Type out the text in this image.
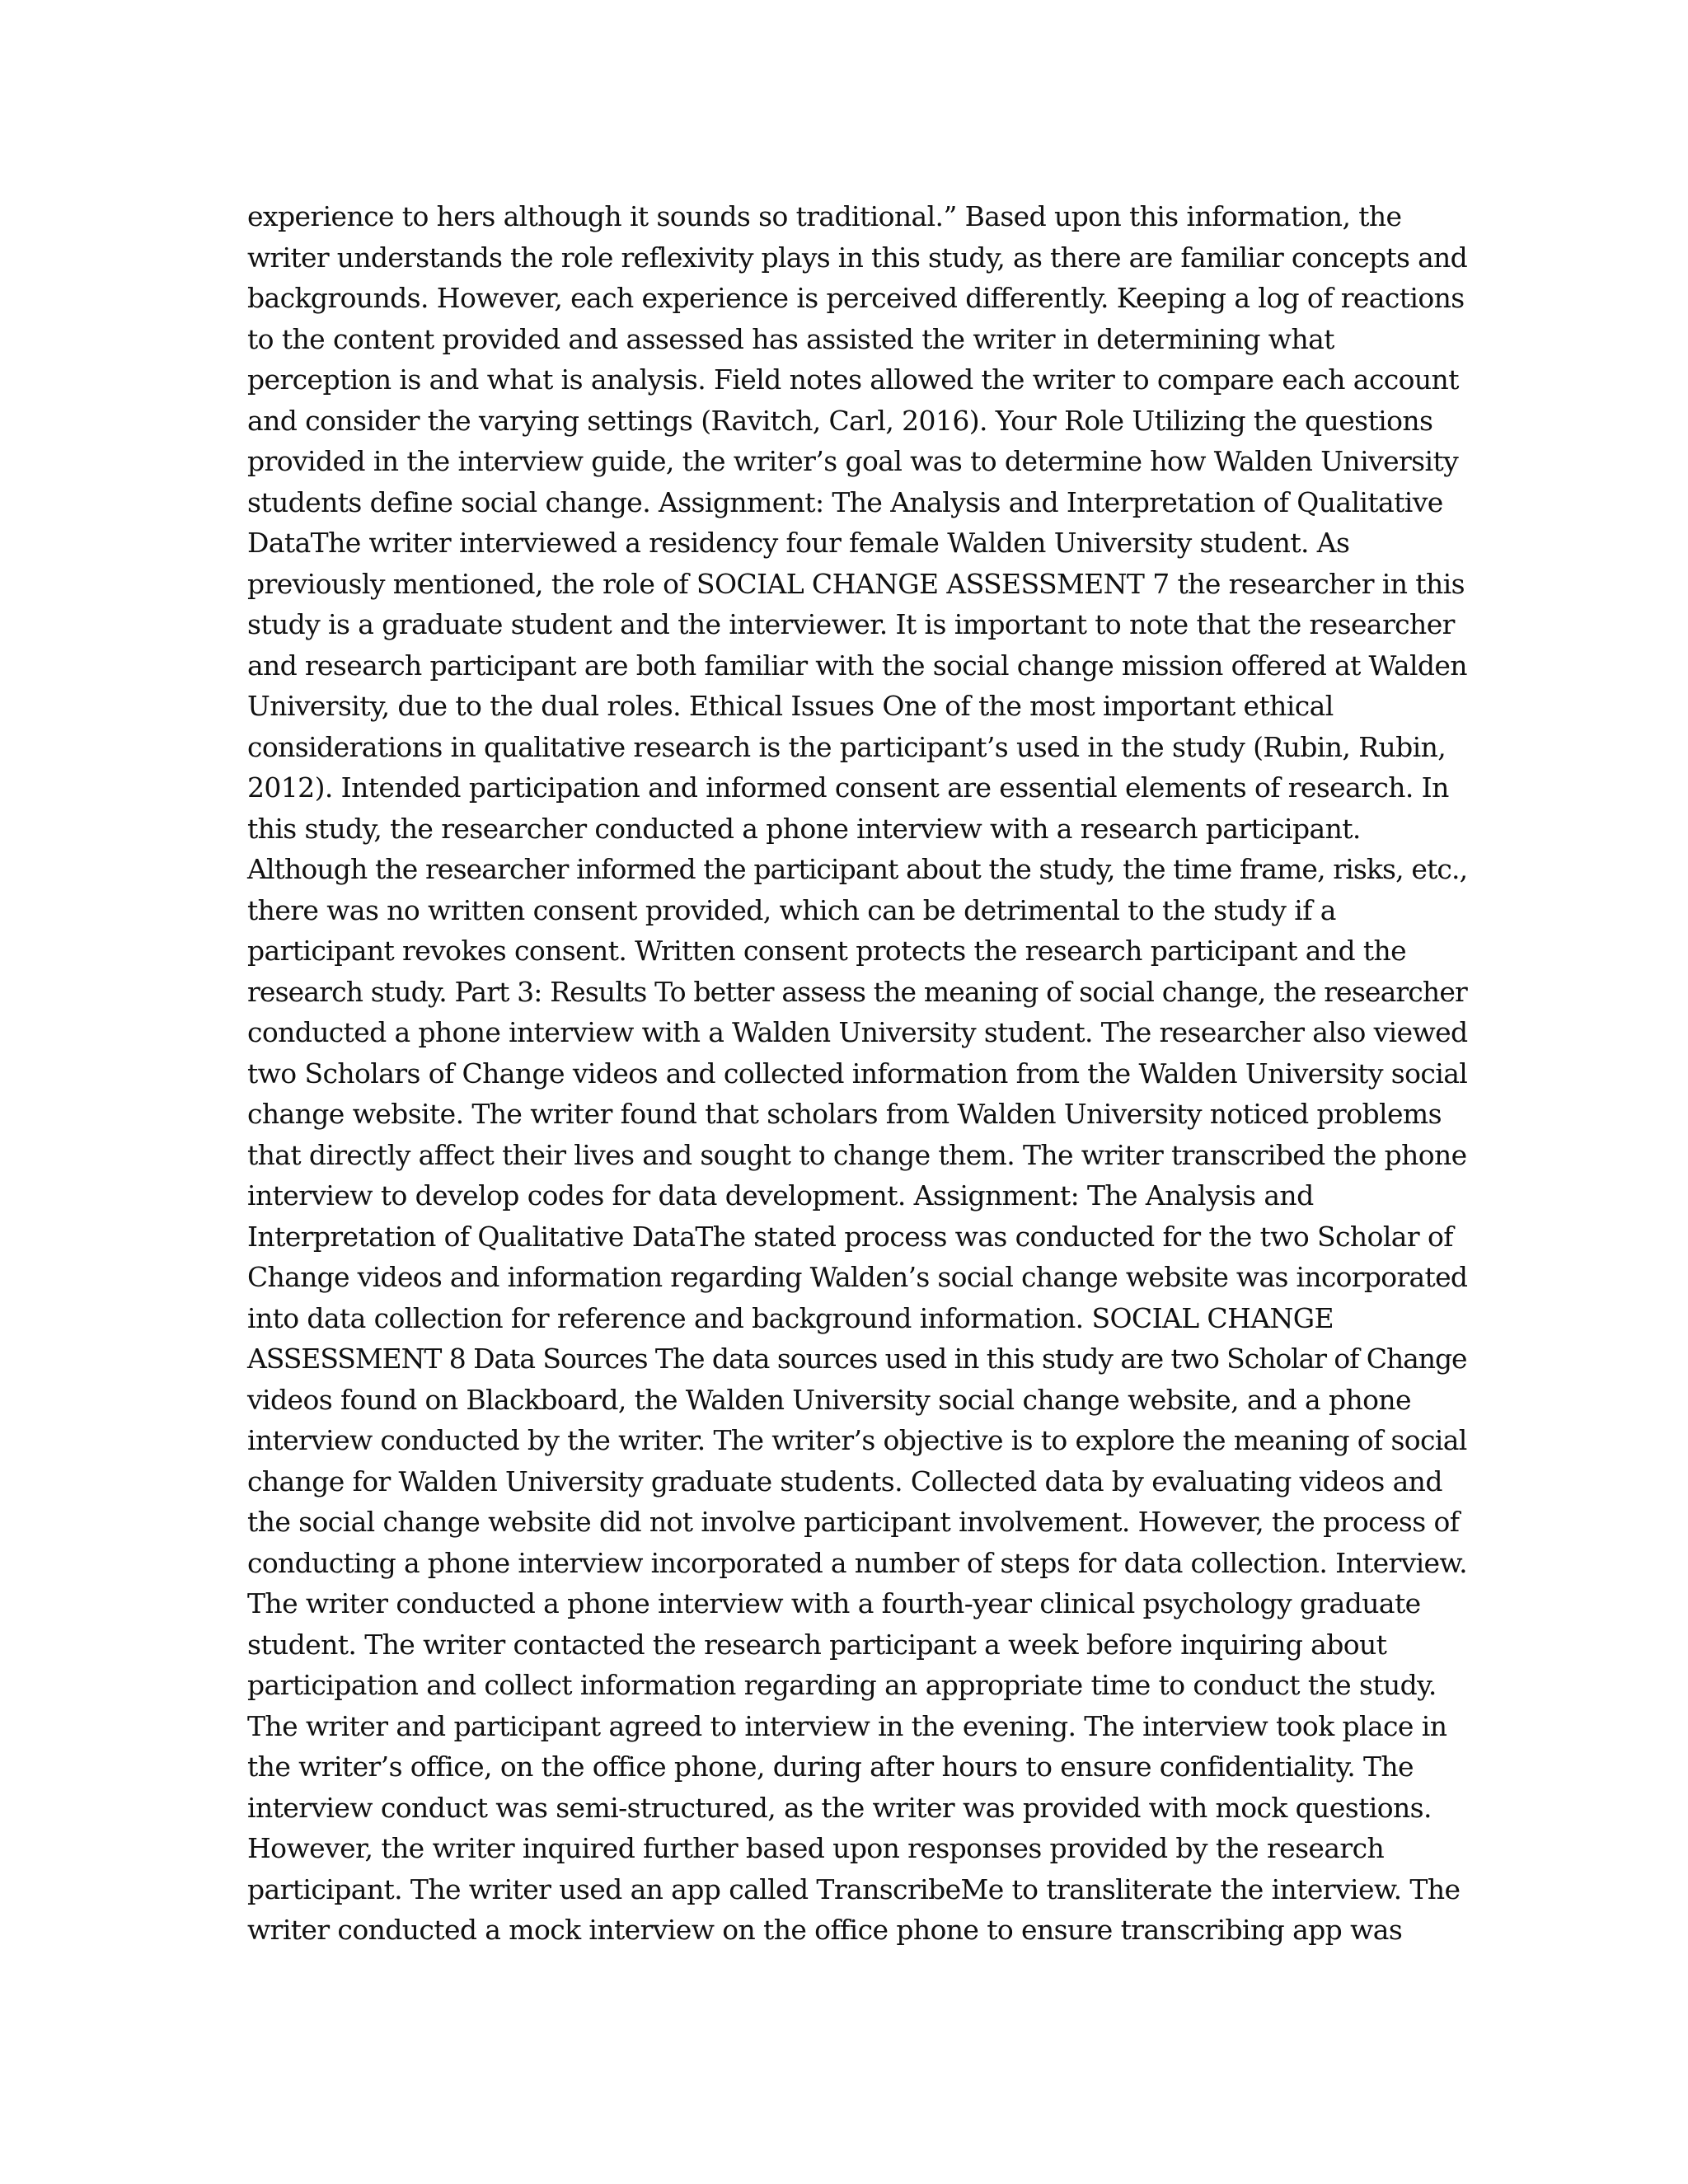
experience to hers although it sounds so traditional.” Based upon this information, the
writer understands the role reflexivity plays in this study, as there are familiar concepts and
backgrounds. However, each experience is perceived differently. Keeping a log of reactions
to the content provided and assessed has assisted the writer in determining what
perception is and what is analysis. Field notes allowed the writer to compare each account
and consider the varying settings (Ravitch, Carl, 2016). Your Role Utilizing the questions
provided in the interview guide, the writer’s goal was to determine how Walden University
students define social change. Assignment: The Analysis and Interpretation of Qualitative
DataThe writer interviewed a residency four female Walden University student. As
previously mentioned, the role of SOCIAL CHANGE ASSESSMENT 7 the researcher in this
study is a graduate student and the interviewer. It is important to note that the researcher
and research participant are both familiar with the social change mission offered at Walden
University, due to the dual roles. Ethical Issues One of the most important ethical
considerations in qualitative research is the participant’s used in the study (Rubin, Rubin,
2012). Intended participation and informed consent are essential elements of research. In
this study, the researcher conducted a phone interview with a research participant.
Although the researcher informed the participant about the study, the time frame, risks, etc.,
there was no written consent provided, which can be detrimental to the study if a
participant revokes consent. Written consent protects the research participant and the
research study. Part 3: Results To better assess the meaning of social change, the researcher
conducted a phone interview with a Walden University student. The researcher also viewed
two Scholars of Change videos and collected information from the Walden University social
change website. The writer found that scholars from Walden University noticed problems
that directly affect their lives and sought to change them. The writer transcribed the phone
interview to develop codes for data development. Assignment: The Analysis and
Interpretation of Qualitative DataThe stated process was conducted for the two Scholar of
Change videos and information regarding Walden’s social change website was incorporated
into data collection for reference and background information. SOCIAL CHANGE
ASSESSMENT 8 Data Sources The data sources used in this study are two Scholar of Change
videos found on Blackboard, the Walden University social change website, and a phone
interview conducted by the writer. The writer’s objective is to explore the meaning of social
change for Walden University graduate students. Collected data by evaluating videos and
the social change website did not involve participant involvement. However, the process of
conducting a phone interview incorporated a number of steps for data collection. Interview.
The writer conducted a phone interview with a fourth-year clinical psychology graduate
student. The writer contacted the research participant a week before inquiring about
participation and collect information regarding an appropriate time to conduct the study.
The writer and participant agreed to interview in the evening. The interview took place in
the writer’s office, on the office phone, during after hours to ensure confidentiality. The
interview conduct was semi-structured, as the writer was provided with mock questions.
However, the writer inquired further based upon responses provided by the research
participant. The writer used an app called TranscribeMe to transliterate the interview. The
writer conducted a mock interview on the office phone to ensure transcribing app was
